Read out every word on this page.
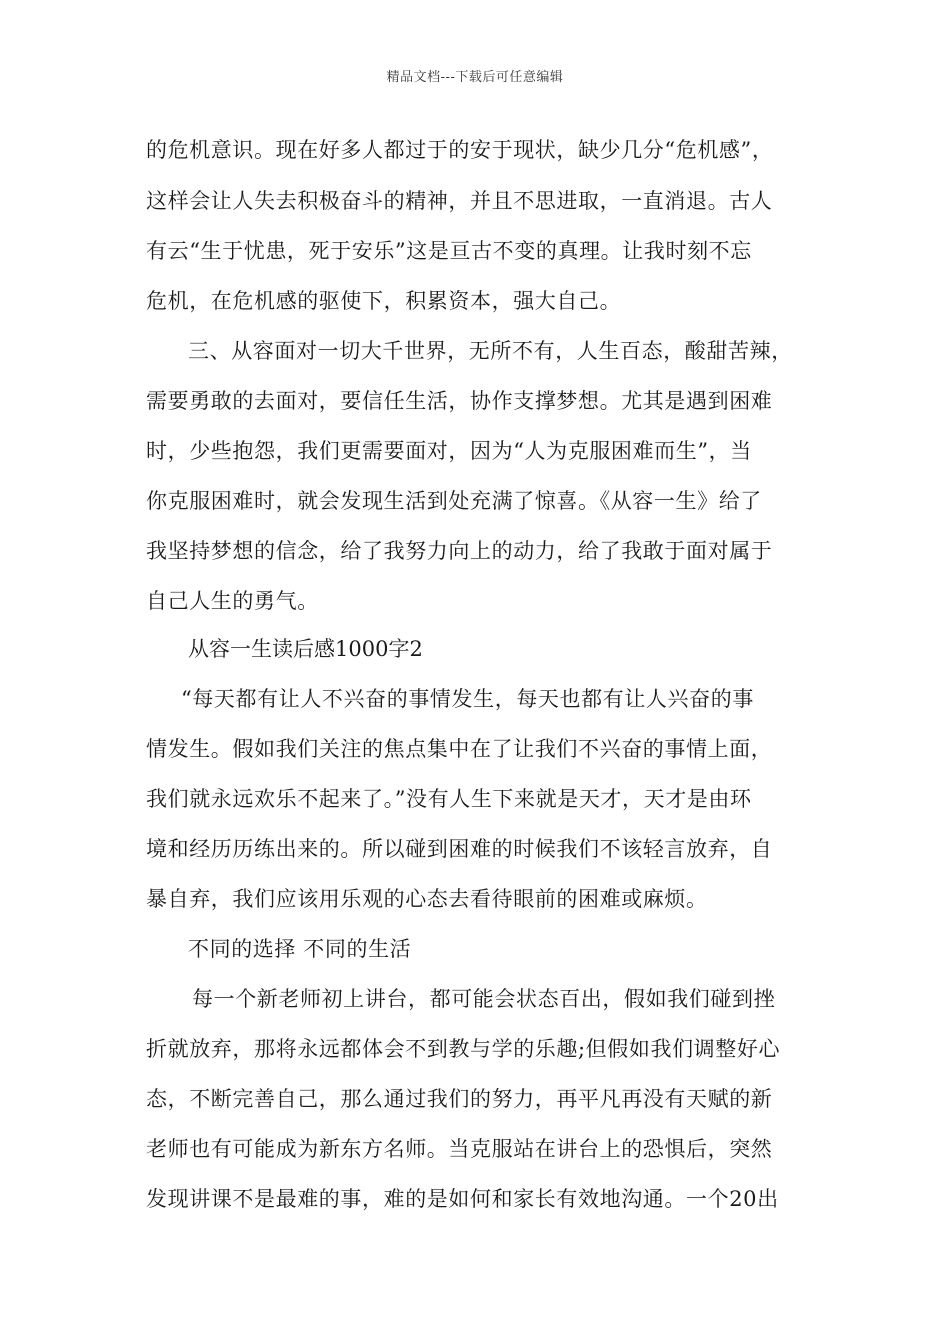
精品文档---下载后可任意编辑
的危机意识。现在好多人都过于的安于现状，缺少几分“危机感”，
这样会让人失去积极奋斗的精神，并且不思进取，一直消退。古人
有云“生于忧患，死于安乐”这是亘古不变的真理。让我时刻不忘
危机，在危机感的驱使下，积累资本，强大自己。
三、从容面对一切大千世界，无所不有，人生百态，酸甜苦辣，
需要勇敢的去面对，要信任生活，协作支撑梦想。尤其是遇到困难
时，少些抱怨，我们更需要面对，因为“人为克服困难而生”，当
你克服困难时，就会发现生活到处充满了惊喜。《从容一生》给了
我坚持梦想的信念，给了我努力向上的动力，给了我敢于面对属于
自己人生的勇气。
从容一生读后感1000字2
“每天都有让人不兴奋的事情发生，每天也都有让人兴奋的事
情发生。假如我们关注的焦点集中在了让我们不兴奋的事情上面，
我们就永远欢乐不起来了。”没有人生下来就是天才，天才是由环
境和经历历练出来的。所以碰到困难的时候我们不该轻言放弃，自
暴自弃，我们应该用乐观的心态去看待眼前的困难或麻烦。
不同的选择 不同的生活
每一个新老师初上讲台，都可能会状态百出，假如我们碰到挫
折就放弃，那将永远都体会不到教与学的乐趣;但假如我们调整好心
态，不断完善自己，那么通过我们的努力，再平凡再没有天赋的新
老师也有可能成为新东方名师。当克服站在讲台上的恐惧后，突然
发现讲课不是最难的事，难的是如何和家长有效地沟通。一个20出
